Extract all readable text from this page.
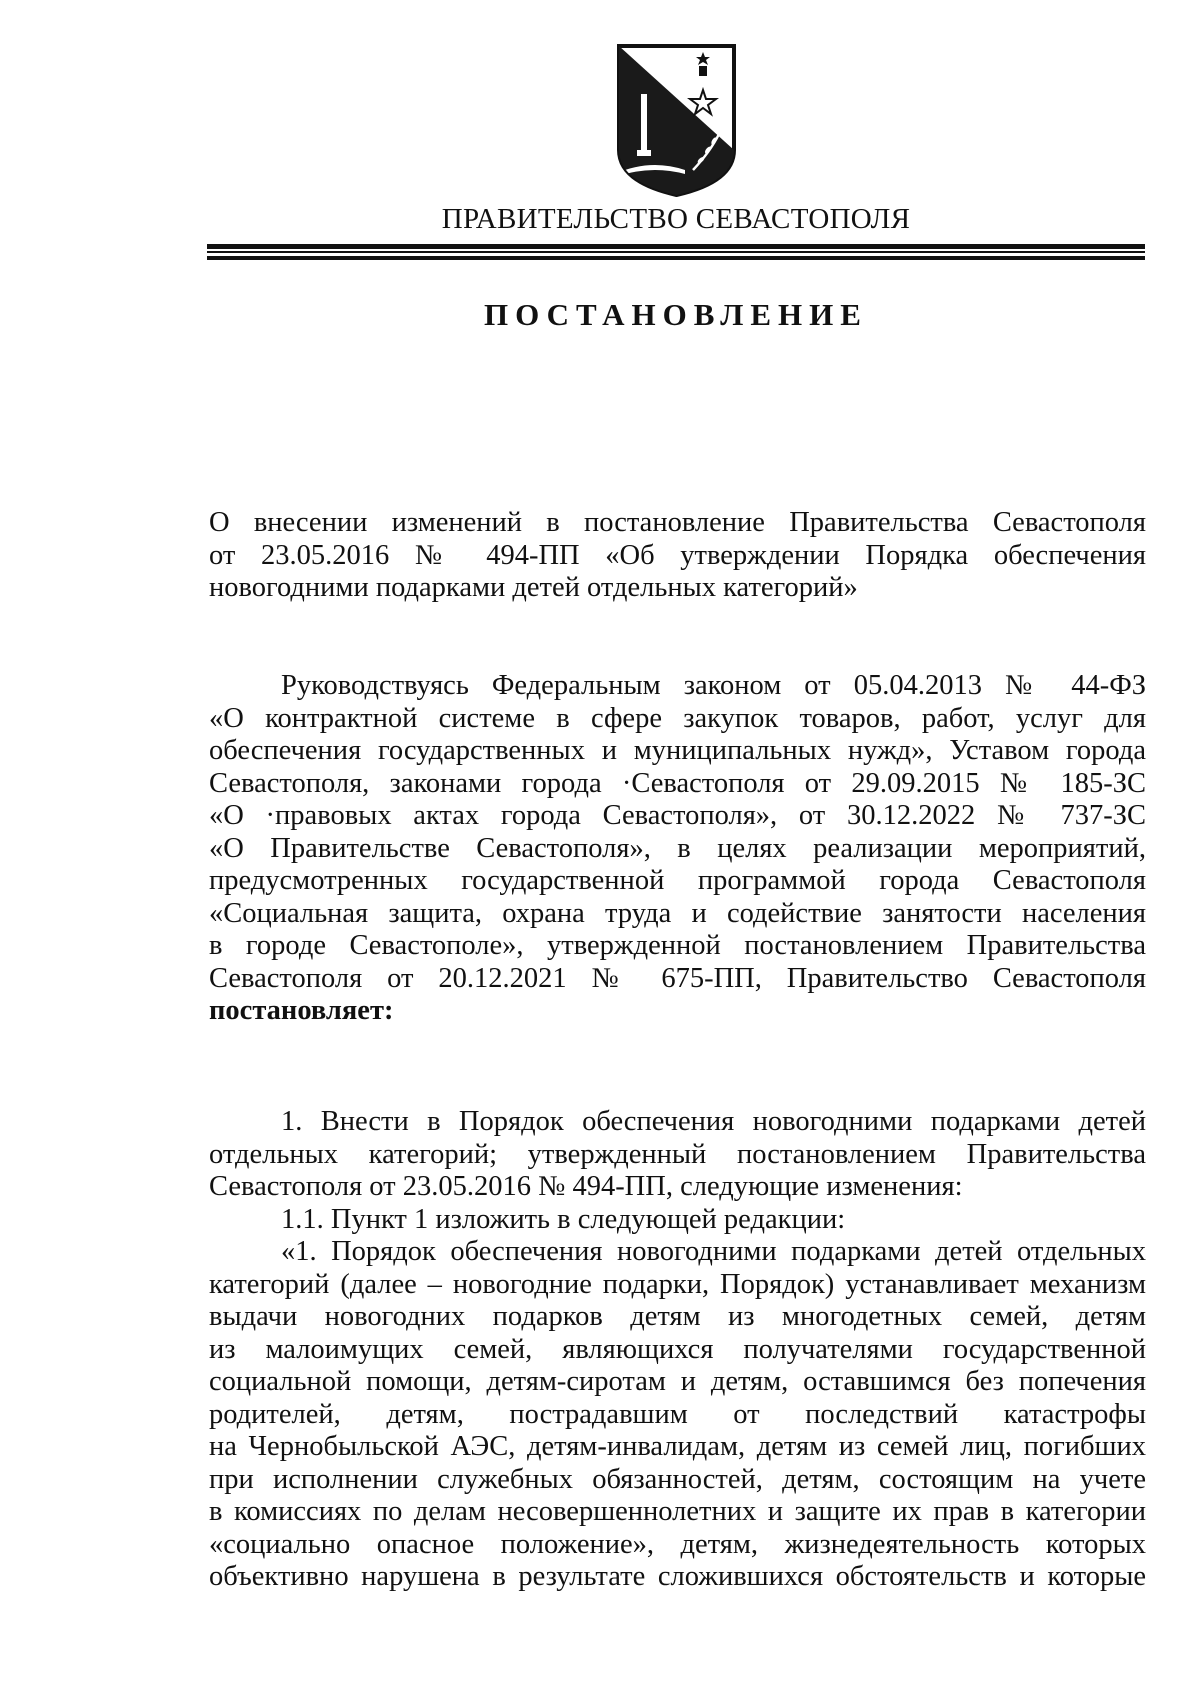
ПРАВИТЕЛЬСТВО СЕВАСТОПОЛЯ
ПОСТАНОВЛЕНИЕ
О внесении изменений в постановление Правительства Севастополя
от 23.05.2016 № 494-ПП «Об утверждении Порядка обеспечения
новогодними подарками детей отдельных категорий»
Руководствуясь Федеральным законом от 05.04.2013 № 44-ФЗ
«О контрактной системе в сфере закупок товаров, работ, услуг для
обеспечения государственных и муниципальных нужд», Уставом города
Севастополя, законами города ·Севастополя от 29.09.2015 № 185-ЗС
«О ·правовых актах города Севастополя», от 30.12.2022 № 737-ЗС
«О Правительстве Севастополя», в целях реализации мероприятий,
предусмотренных государственной программой города Севастополя
«Социальная защита, охрана труда и содействие занятости населения
в городе Севастополе», утвержденной постановлением Правительства
Севастополя от 20.12.2021 № 675-ПП, Правительство Севастополя
постановляет:
1. Внести в Порядок обеспечения новогодними подарками детей
отдельных категорий; утвержденный постановлением Правительства
Севастополя от 23.05.2016 № 494-ПП, следующие изменения:
1.1. Пункт 1 изложить в следующей редакции:
«1. Порядок обеспечения новогодними подарками детей отдельных
категорий (далее – новогодние подарки, Порядок) устанавливает механизм
выдачи новогодних подарков детям из многодетных семей, детям
из малоимущих семей, являющихся получателями государственной
социальной помощи, детям-сиротам и детям, оставшимся без попечения
родителей, детям, пострадавшим от последствий катастрофы
на Чернобыльской АЭС, детям-инвалидам, детям из семей лиц, погибших
при исполнении служебных обязанностей, детям, состоящим на учете
в комиссиях по делам несовершеннолетних и защите их прав в категории
«социально опасное положение», детям, жизнедеятельность которых
объективно нарушена в результате сложившихся обстоятельств и которые
